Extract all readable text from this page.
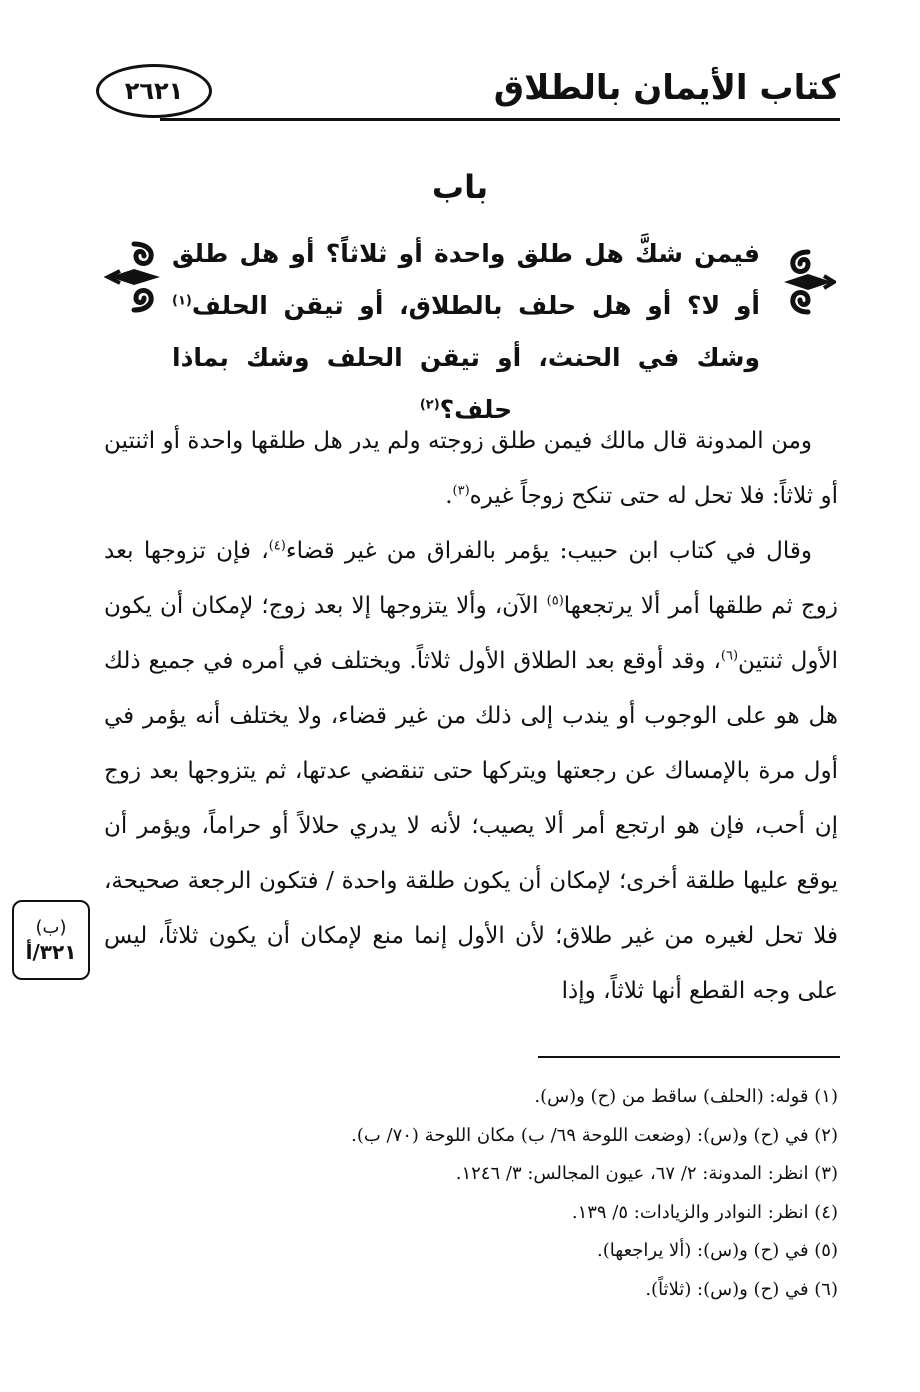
كتاب الأيمان بالطلاق
٢٦٢١
باب
فيمن شكَّ هل طلق واحدة أو ثلاثاً؟ أو هل طلق أو لا؟ أو هل حلف بالطلاق، أو تيقن الحلف$^{(١)}$ وشك في الحنث، أو تيقن الحلف وشك بماذا حلف؟$^{(٢)}$

ومن المدونة قال مالك فيمن طلق زوجته ولم يدر هل طلقها واحدة أو اثنتين أو ثلاثاً: فلا تحل له حتى تنكح زوجاً غيره$^{(٣)}$.

وقال في كتاب ابن حبيب: يؤمر بالفراق من غير قضاء$^{(٤)}$، فإن تزوجها بعد زوج ثم طلقها أمر ألا يرتجعها$^{(٥)}$ الآن، وألا يتزوجها إلا بعد زوج؛ لإمكان أن يكون الأول ثنتين$^{(٦)}$، وقد أوقع بعد الطلاق الأول ثلاثاً. ويختلف في أمره في جميع ذلك هل هو على الوجوب أو يندب إلى ذلك من غير قضاء، ولا يختلف أنه يؤمر في أول مرة بالإمساك عن رجعتها ويتركها حتى تنقضي عدتها، ثم يتزوجها بعد زوج إن أحب، فإن هو ارتجع أمر ألا يصيب؛ لأنه لا يدري حلالاً أو حراماً، ويؤمر أن يوقع عليها طلقة أخرى؛ لإمكان أن يكون طلقة واحدة / فتكون الرجعة صحيحة، فلا تحل لغيره من غير طلاق؛ لأن الأول إنما منع لإمكان أن يكون ثلاثاً، ليس على وجه القطع أنها ثلاثاً، وإذا

(ب)
٣٢١/أ
(١) قوله: (الحلف) ساقط من (ح) و(س).
(٢) في (ح) و(س): (وضعت اللوحة ٦٩/ ب) مكان اللوحة (٧٠/ ب).
(٣) انظر: المدونة: ٢/ ٦٧، عيون المجالس: ٣/ ١٢٤٦.
(٤) انظر: النوادر والزيادات: ٥/ ١٣٩.
(٥) في (ح) و(س): (ألا يراجعها).
(٦) في (ح) و(س): (ثلاثاً).
